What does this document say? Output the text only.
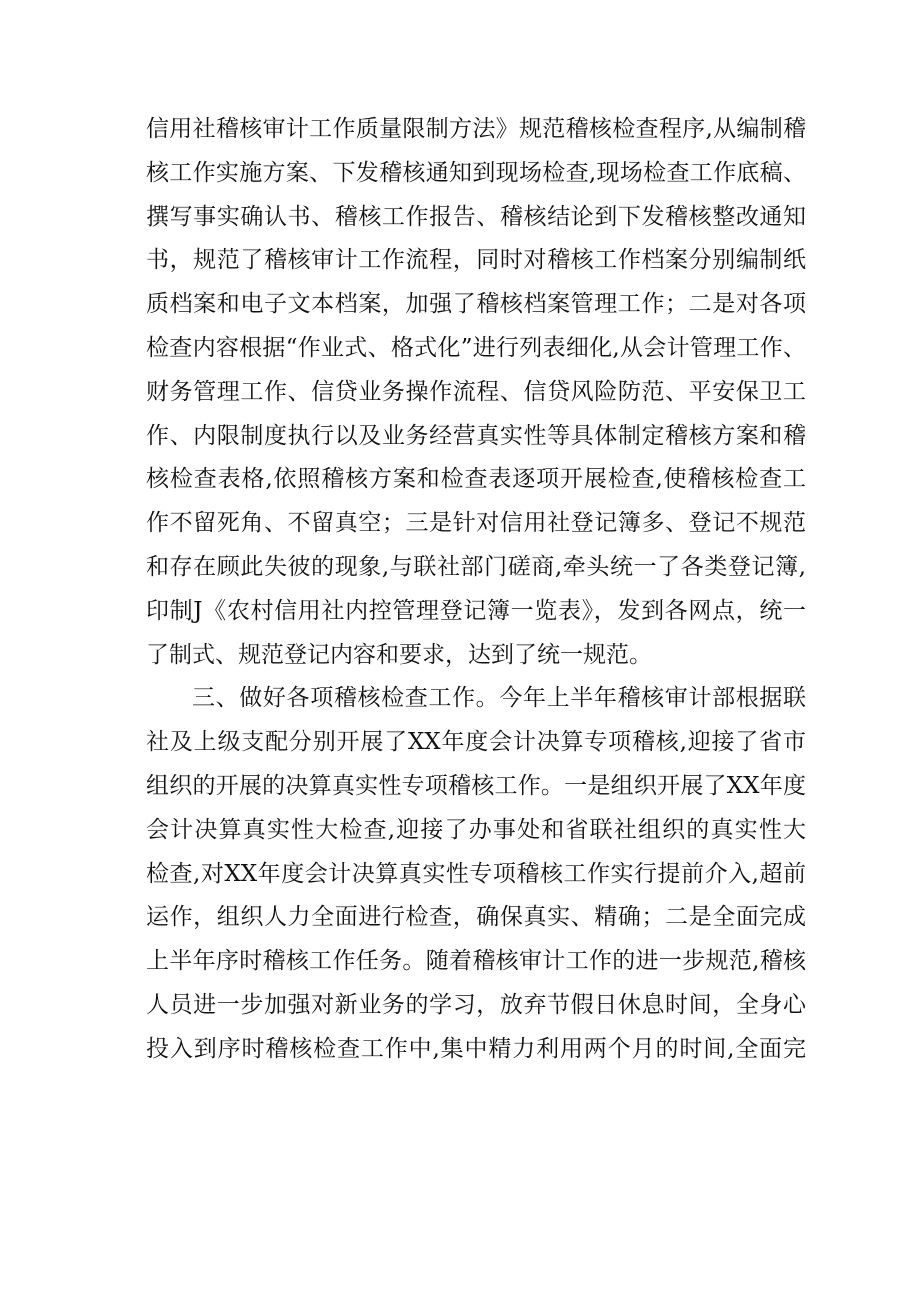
信用社稽核审计工作质量限制方法》规范稽核检查程序,从编制稽
核工作实施方案、下发稽核通知到现场检查,现场检查工作底稿、
撰写事实确认书、稽核工作报告、稽核结论到下发稽核整改通知
书，规范了稽核审计工作流程，同时对稽核工作档案分别编制纸
质档案和电子文本档案，加强了稽核档案管理工作；二是对各项
检查内容根据“作业式、格式化”进行列表细化,从会计管理工作、
财务管理工作、信贷业务操作流程、信贷风险防范、平安保卫工
作、内限制度执行以及业务经营真实性等具体制定稽核方案和稽
核检查表格,依照稽核方案和检查表逐项开展检查,使稽核检查工
作不留死角、不留真空；三是针对信用社登记簿多、登记不规范
和存在顾此失彼的现象,与联社部门磋商,牵头统一了各类登记簿,
印制J《农村信用社内控管理登记簿一览表》，发到各网点，统一
了制式、规范登记内容和要求，达到了统一规范。
三、做好各项稽核检查工作。今年上半年稽核审计部根据联
社及上级支配分别开展了XX年度会计决算专项稽核,迎接了省市
组织的开展的决算真实性专项稽核工作。一是组织开展了XX年度
会计决算真实性大检查,迎接了办事处和省联社组织的真实性大
检查,对XX年度会计决算真实性专项稽核工作实行提前介入,超前
运作，组织人力全面进行检查，确保真实、精确；二是全面完成
上半年序时稽核工作任务。随着稽核审计工作的进一步规范,稽核
人员进一步加强对新业务的学习，放弃节假日休息时间，全身心
投入到序时稽核检查工作中,集中精力利用两个月的时间,全面完
